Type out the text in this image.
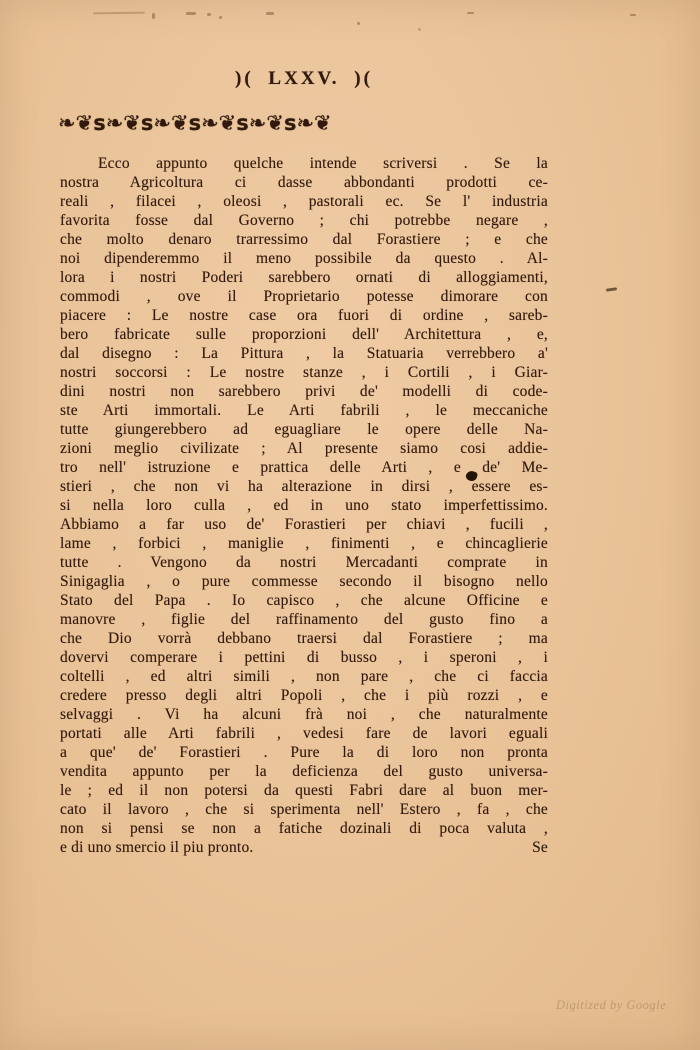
)( LXXV. )(
❧❦s❧❦s❧❦s❧❦s❧❦s❧❦
Ecco appunto quelche intende scriversi . Se la
nostra Agricoltura ci dasse abbondanti prodotti ce-
reali , filacei , oleosi , pastorali ec. Se l' industria
favorita fosse dal Governo ; chi potrebbe negare ,
che molto denaro trarressimo dal Forastiere ; e che
noi dipenderemmo il meno possibile da questo . Al-
lora i nostri Poderi sarebbero ornati di alloggiamenti,
commodi , ove il Proprietario potesse dimorare con
piacere : Le nostre case ora fuori di ordine , sareb-
bero fabricate sulle proporzioni dell' Architettura , e,
dal disegno : La Pittura , la Statuaria verrebbero a'
nostri soccorsi : Le nostre stanze , i Cortili , i Giar-
dini nostri non sarebbero privi de' modelli di code-
ste Arti immortali. Le Arti fabrili , le meccaniche
tutte giungerebbero ad eguagliare le opere delle Na-
zioni meglio civilizate ; Al presente siamo cosi addie-
tro nell' istruzione e prattica delle Arti , e de' Me-
stieri , che non vi ha alterazione in dirsi , essere es-
si nella loro culla , ed in uno stato imperfettissimo.
Abbiamo a far uso de' Forastieri per chiavi , fucili ,
lame , forbici , maniglie , finimenti , e chincaglierie
tutte . Vengono da nostri Mercadanti comprate in
Sinigaglia , o pure commesse secondo il bisogno nello
Stato del Papa . Io capisco , che alcune Officine e
manovre , figlie del raffinamento del gusto fino a
che Dio vorrà debbano traersi dal Forastiere ; ma
dovervi comperare i pettini di busso , i speroni , i
coltelli , ed altri simili , non pare , che ci faccia
credere presso degli altri Popoli , che i più rozzi , e
selvaggi . Vi ha alcuni frà noi , che naturalmente
portati alle Arti fabrili , vedesi fare de lavori eguali
a que' de' Forastieri . Pure la di loro non pronta
vendita appunto per la deficienza del gusto universa-
le ; ed il non potersi da questi Fabri dare al buon mer-
cato il lavoro , che si sperimenta nell' Estero , fa , che
non si pensi se non a fatiche dozinali di poca valuta ,
e di uno smercio il piu pronto.	Se
Digitized by Google
